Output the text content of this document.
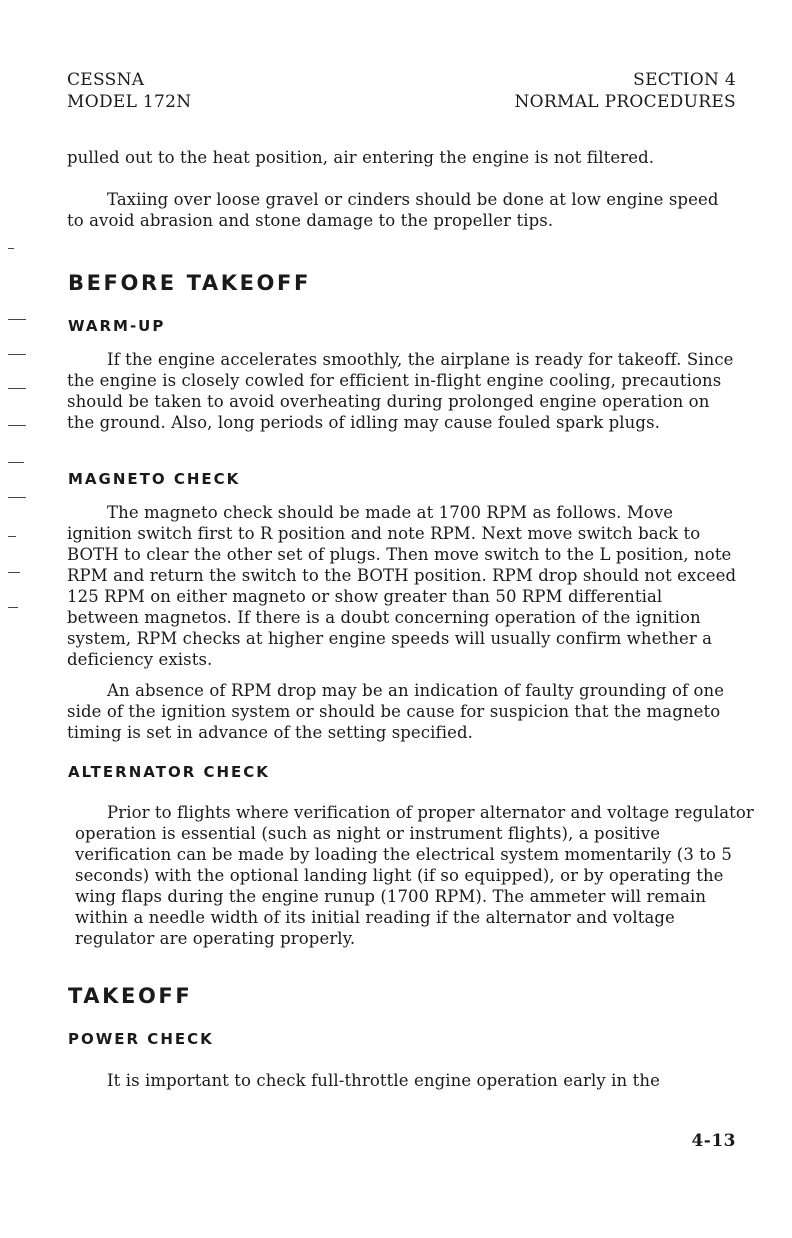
CESSNA
MODEL 172N
SECTION 4
NORMAL PROCEDURES
pulled out to the heat position, air entering the engine is not filtered.
Taxiing over loose gravel or cinders should be done at low engine speed to avoid abrasion and stone damage to the propeller tips.
BEFORE TAKEOFF
WARM-UP
If the engine accelerates smoothly, the airplane is ready for takeoff. Since the engine is closely cowled for efficient in-flight engine cooling, precautions should be taken to avoid overheating during prolonged engine operation on the ground. Also, long periods of idling may cause fouled spark plugs.
MAGNETO CHECK
The magneto check should be made at 1700 RPM as follows. Move ignition switch first to R position and note RPM. Next move switch back to BOTH to clear the other set of plugs. Then move switch to the L position, note RPM and return the switch to the BOTH position. RPM drop should not exceed 125 RPM on either magneto or show greater than 50 RPM differential between magnetos. If there is a doubt concerning operation of the ignition system, RPM checks at higher engine speeds will usually confirm whether a deficiency exists.
An absence of RPM drop may be an indication of faulty grounding of one side of the ignition system or should be cause for suspicion that the magneto timing is set in advance of the setting specified.
ALTERNATOR CHECK
Prior to flights where verification of proper alternator and voltage regulator operation is essential (such as night or instrument flights), a positive verification can be made by loading the electrical system momentarily (3 to 5 seconds) with the optional landing light (if so equipped), or by operating the wing flaps during the engine runup (1700 RPM). The ammeter will remain within a needle width of its initial reading if the alternator and voltage regulator are operating properly.
TAKEOFF
POWER CHECK
It is important to check full-throttle engine operation early in the
4-13
